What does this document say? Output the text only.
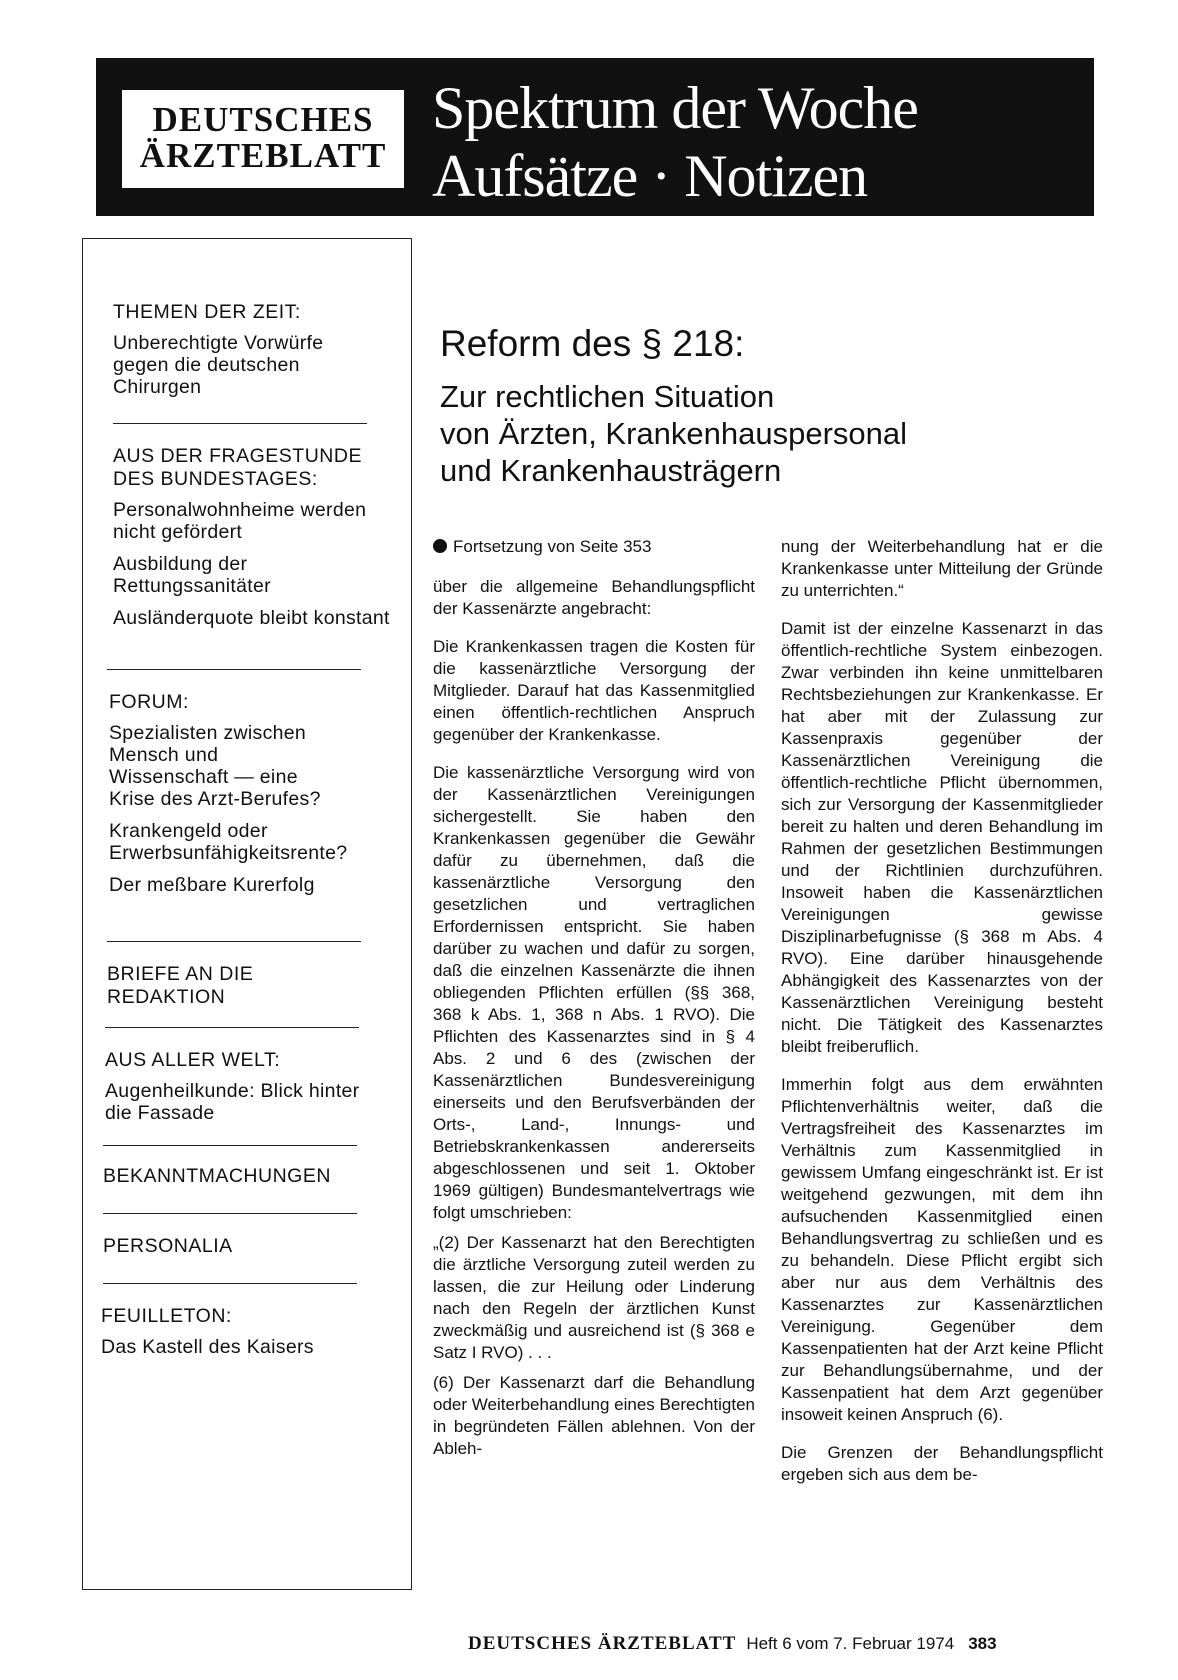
DEUTSCHES
ÄRZTEBLATT
Spektrum der Woche
Aufsätze · Notizen
THEMEN DER ZEIT:
Unberechtigte Vorwürfe gegen die deutschen Chirurgen
AUS DER FRAGESTUNDE DES BUNDESTAGES:
Personalwohnheime werden nicht gefördert
Ausbildung der Rettungssanitäter
Ausländerquote bleibt konstant
FORUM:
Spezialisten zwischen Mensch und Wissenschaft — eine Krise des Arzt-Berufes?
Krankengeld oder Erwerbsunfähigkeitsrente?
Der meßbare Kurerfolg
BRIEFE AN DIE REDAKTION
AUS ALLER WELT:
Augenheilkunde: Blick hinter die Fassade
BEKANNTMACHUNGEN
PERSONALIA
FEUILLETON:
Das Kastell des Kaisers
Reform des § 218:
Zur rechtlichen Situation
von Ärzten, Krankenhauspersonal
und Krankenhausträgern
Fortsetzung von Seite 353

über die allgemeine Behandlungspflicht der Kassenärzte angebracht:

Die Krankenkassen tragen die Kosten für die kassenärztliche Versorgung der Mitglieder. Darauf hat das Kassenmitglied einen öffentlich-rechtlichen Anspruch gegenüber der Krankenkasse.

Die kassenärztliche Versorgung wird von der Kassenärztlichen Vereinigungen sichergestellt. Sie haben den Krankenkassen gegenüber die Gewähr dafür zu übernehmen, daß die kassenärztliche Versorgung den gesetzlichen und vertraglichen Erfordernissen entspricht. Sie haben darüber zu wachen und dafür zu sorgen, daß die einzelnen Kassenärzte die ihnen obliegenden Pflichten erfüllen (§§ 368, 368 k Abs. 1, 368 n Abs. 1 RVO). Die Pflichten des Kassenarztes sind in § 4 Abs. 2 und 6 des (zwischen der Kassenärztlichen Bundesvereinigung einerseits und den Berufsverbänden der Orts-, Land-, Innungs- und Betriebskrankenkassen andererseits abgeschlossenen und seit 1. Oktober 1969 gültigen) Bundesmantelvertrags wie folgt umschrieben:

„(2) Der Kassenarzt hat den Berechtigten die ärztliche Versorgung zuteil werden zu lassen, die zur Heilung oder Linderung nach den Regeln der ärztlichen Kunst zweckmäßig und ausreichend ist (§ 368 e Satz I RVO) . . .

(6) Der Kassenarzt darf die Behandlung oder Weiterbehandlung eines Berechtigten in begründeten Fällen ablehnen. Von der Ableh-

nung der Weiterbehandlung hat er die Krankenkasse unter Mitteilung der Gründe zu unterrichten.“

Damit ist der einzelne Kassenarzt in das öffentlich-rechtliche System einbezogen. Zwar verbinden ihn keine unmittelbaren Rechtsbeziehungen zur Krankenkasse. Er hat aber mit der Zulassung zur Kassenpraxis gegenüber der Kassenärztlichen Vereinigung die öffentlich-rechtliche Pflicht übernommen, sich zur Versorgung der Kassenmitglieder bereit zu halten und deren Behandlung im Rahmen der gesetzlichen Bestimmungen und der Richtlinien durchzuführen. Insoweit haben die Kassenärztlichen Vereinigungen gewisse Disziplinarbefugnisse (§ 368 m Abs. 4 RVO). Eine darüber hinausgehende Abhängigkeit des Kassenarztes von der Kassenärztlichen Vereinigung besteht nicht. Die Tätigkeit des Kassenarztes bleibt freiberuflich.

Immerhin folgt aus dem erwähnten Pflichtenverhältnis weiter, daß die Vertragsfreiheit des Kassenarztes im Verhältnis zum Kassenmitglied in gewissem Umfang eingeschränkt ist. Er ist weitgehend gezwungen, mit dem ihn aufsuchenden Kassenmitglied einen Behandlungsvertrag zu schließen und es zu behandeln. Diese Pflicht ergibt sich aber nur aus dem Verhältnis des Kassenarztes zur Kassenärztlichen Vereinigung. Gegenüber dem Kassenpatienten hat der Arzt keine Pflicht zur Behandlungsübernahme, und der Kassenpatient hat dem Arzt gegenüber insoweit keinen Anspruch (6).

Die Grenzen der Behandlungspflicht ergeben sich aus dem be-

DEUTSCHES ÄRZTEBLATT Heft 6 vom 7. Februar 1974 383
